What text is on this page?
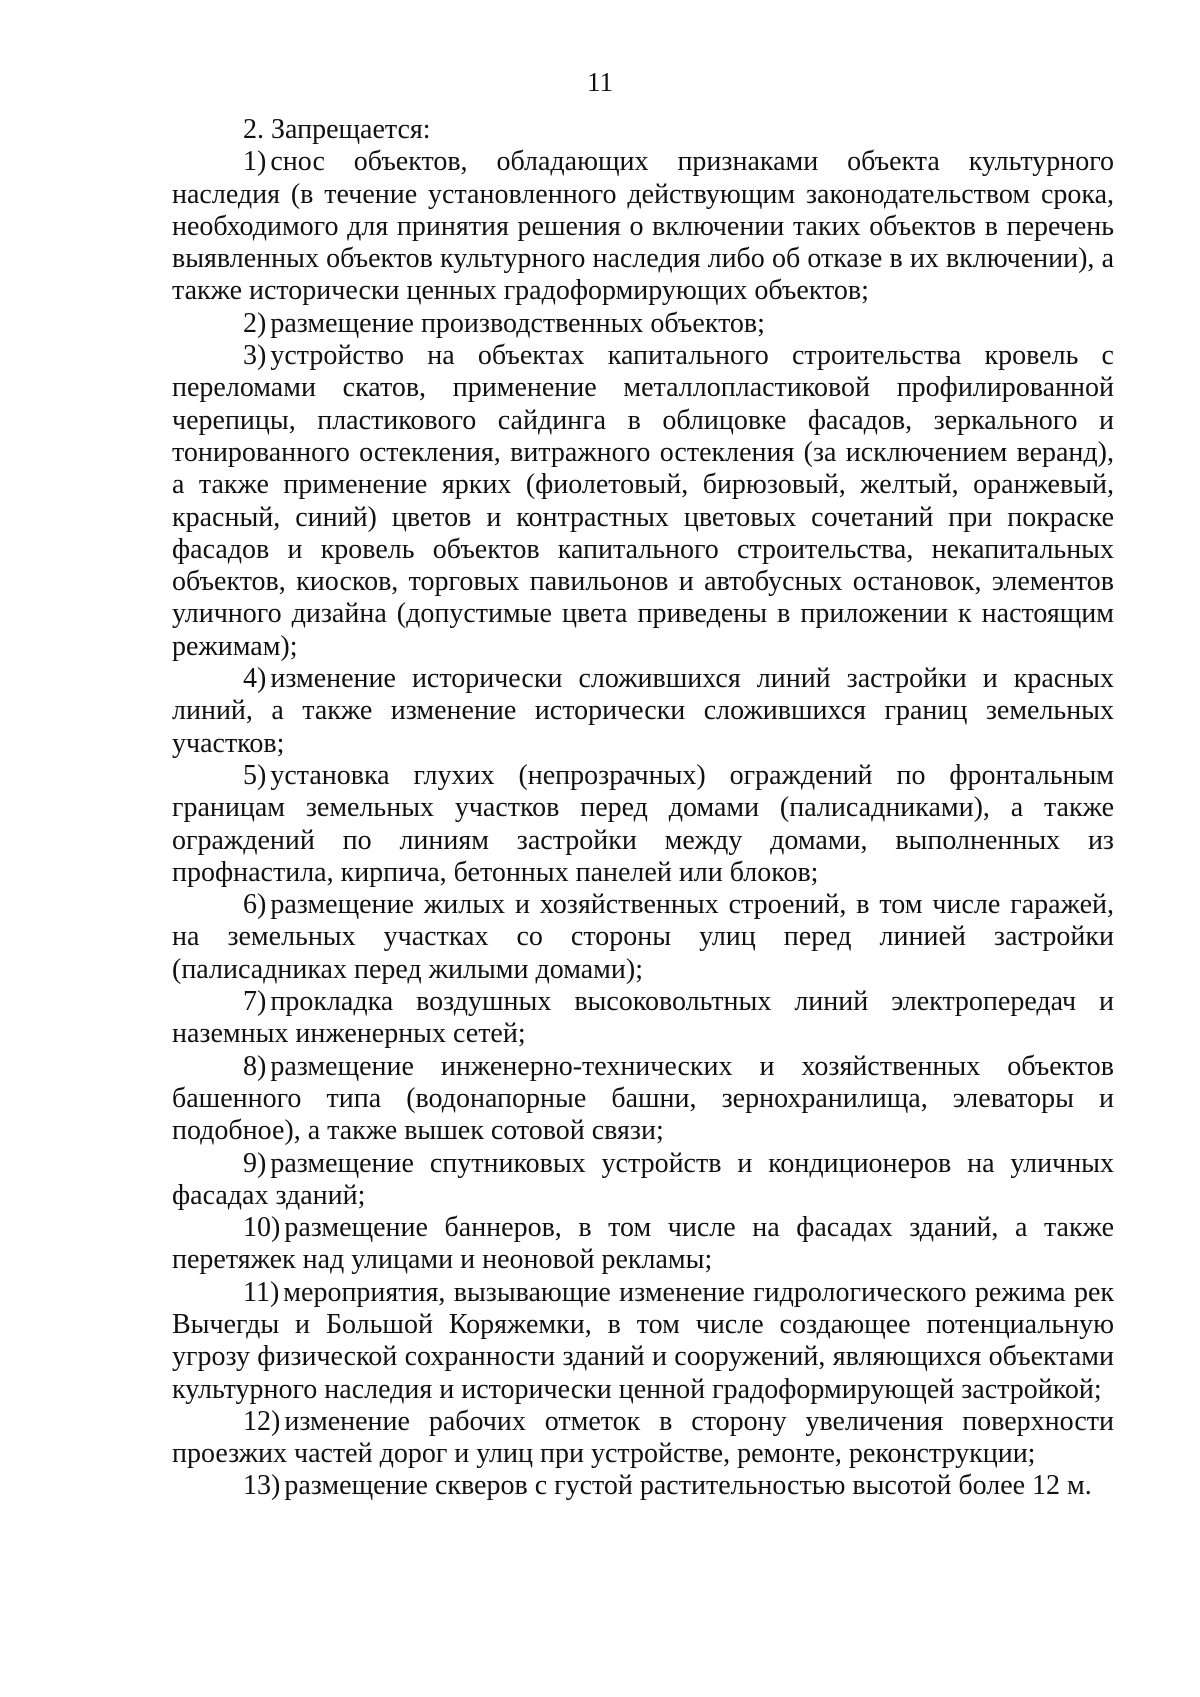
11

2. Запрещается:

1) снос объектов, обладающих признаками объекта культурного наследия (в течение установленного действующим законодательством срока, необходимого для принятия решения о включении таких объектов в перечень выявленных объектов культурного наследия либо об отказе в их включении), а также исторически ценных градоформирующих объектов;

2) размещение производственных объектов;

3) устройство на объектах капитального строительства кровель с переломами скатов, применение металлопластиковой профилированной черепицы, пластикового сайдинга в облицовке фасадов, зеркального и тонированного остекления, витражного остекления (за исключением веранд), а также применение ярких (фиолетовый, бирюзовый, желтый, оранжевый, красный, синий) цветов и контрастных цветовых сочетаний при покраске фасадов и кровель объектов капитального строительства, некапитальных объектов, киосков, торговых павильонов и автобусных остановок, элементов уличного дизайна (допустимые цвета приведены в приложении к настоящим режимам);

4) изменение исторически сложившихся линий застройки и красных линий, а также изменение исторически сложившихся границ земельных участков;

5) установка глухих (непрозрачных) ограждений по фронтальным границам земельных участков перед домами (палисадниками), а также ограждений по линиям застройки между домами, выполненных из профнастила, кирпича, бетонных панелей или блоков;

6) размещение жилых и хозяйственных строений, в том числе гаражей, на земельных участках со стороны улиц перед линией застройки (палисадниках перед жилыми домами);

7) прокладка воздушных высоковольтных линий электропередач и наземных инженерных сетей;

8) размещение инженерно-технических и хозяйственных объектов башенного типа (водонапорные башни, зернохранилища, элеваторы и подобное), а также вышек сотовой связи;

9) размещение спутниковых устройств и кондиционеров на уличных фасадах зданий;

10) размещение баннеров, в том числе на фасадах зданий, а также перетяжек над улицами и неоновой рекламы;

11) мероприятия, вызывающие изменение гидрологического режима рек Вычегды и Большой Коряжемки, в том числе создающее потенциальную угрозу физической сохранности зданий и сооружений, являющихся объектами культурного наследия и исторически ценной градоформирующей застройкой;

12) изменение рабочих отметок в сторону увеличения поверхности проезжих частей дорог и улиц при устройстве, ремонте, реконструкции;

13) размещение скверов с густой растительностью высотой более 12 м.
